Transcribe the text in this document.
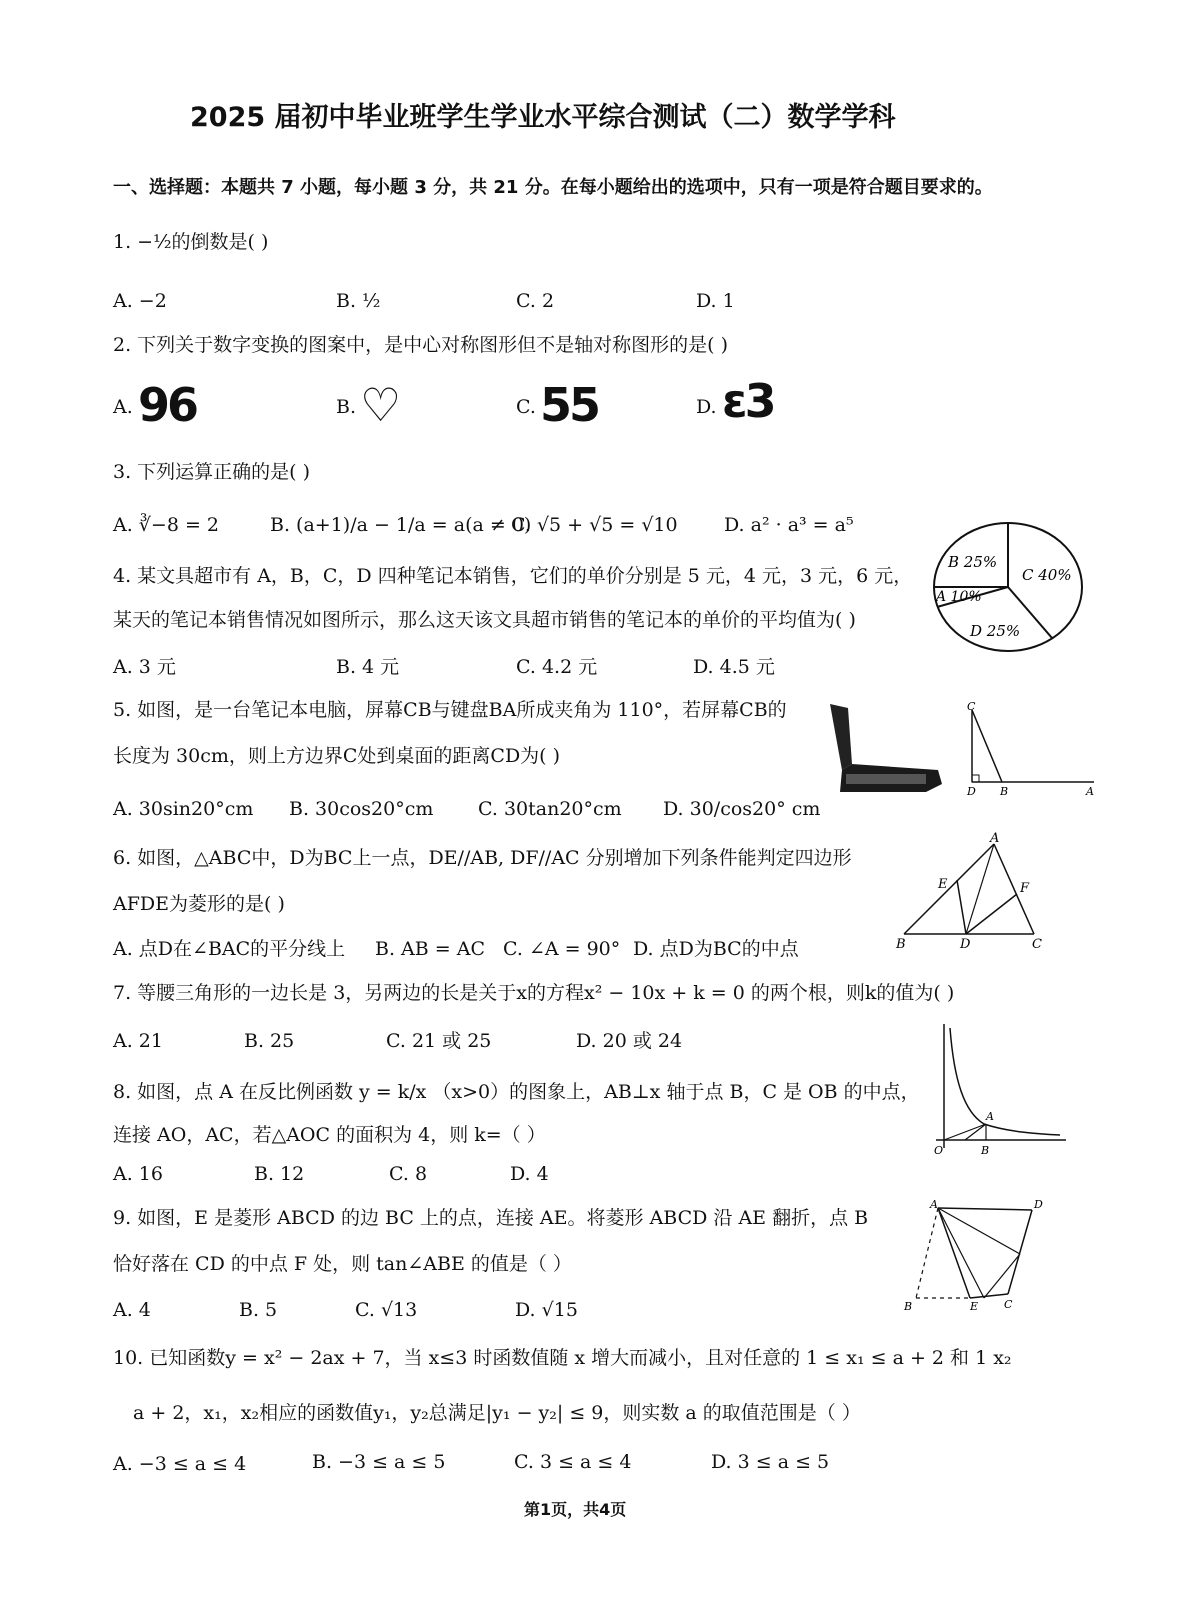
2025 届初中毕业班学生学业水平综合测试（二）数学学科
一、选择题：本题共 7 小题，每小题 3 分，共 21 分。在每小题给出的选项中，只有一项是符合题目要求的。
1. −½的倒数是( )
A. −2	B. ½	C. 2	D. 1
2. 下列关于数字变换的图案中，是中心对称图形但不是轴对称图形的是( )
A. 96	B. ♡	C. 55	D. ε3
3. 下列运算正确的是( )
A. ∛−8 = 2	B. (a+1)/a − 1/a = a(a ≠ 0)
C. √5 + √5 = √10 D. a² · a³ = a⁵
4. 某文具超市有 A，B，C，D 四种笔记本销售，它们的单价分别是 5 元，4 元，3 元，6 元，
某天的笔记本销售情况如图所示，那么这天该文具超市销售的笔记本的单价的平均值为( )
A. 3 元	B. 4 元	C. 4.2 元	D. 4.5 元
B 25%
C 40%
A 10%
D 25%
5. 如图，是一台笔记本电脑，屏幕CB与键盘BA所成夹角为 110°，若屏幕CB的
长度为 30cm，则上方边界C处到桌面的距离CD为( )
A. 30sin20°cm B. 30cos20°cm C. 30tan20°cm D. 30/cos20° cm
C
D B	A
6. 如图，△ABC中，D为BC上一点，DE//AB, DF//AC 分别增加下列条件能判定四边形
AFDE为菱形的是( )
A. 点D在∠BAC的平分线上 B. AB = AC C. ∠A = 90° D. 点D为BC的中点
A
E	F
B	D	C
7. 等腰三角形的一边长是 3，另两边的长是关于x的方程x² − 10x + k = 0 的两个根，则k的值为( )
A. 21	B. 25	C. 21 或 25	D. 20 或 24
8. 如图，点 A 在反比例函数 y = k/x （x>0）的图象上，AB⊥x 轴于点 B，C 是 OB 的中点，
连接 AO，AC，若△AOC 的面积为 4，则 k=（ ）
A. 16	B. 12	C. 8	D. 4
O
A
B
9. 如图，E 是菱形 ABCD 的边 BC 上的点，连接 AE。将菱形 ABCD 沿 AE 翻折，点 B
恰好落在 CD 的中点 F 处，则 tan∠ABE 的值是（ ）
A. 4	B. 5	C. √13	D. √15
A	D
B	E C
10. 已知函数y = x² − 2ax + 7，当 x≤3 时函数值随 x 增大而减小，且对任意的 1 ≤ x₁ ≤ a + 2 和 1 x₂
a + 2，x₁，x₂相应的函数值y₁，y₂总满足|y₁ − y₂| ≤ 9，则实数 a 的取值范围是（ ）
A. −3 ≤ a ≤ 4	B. −3 ≤ a ≤ 5	C. 3 ≤ a ≤ 4	D. 3 ≤ a ≤ 5
第1页，共4页
